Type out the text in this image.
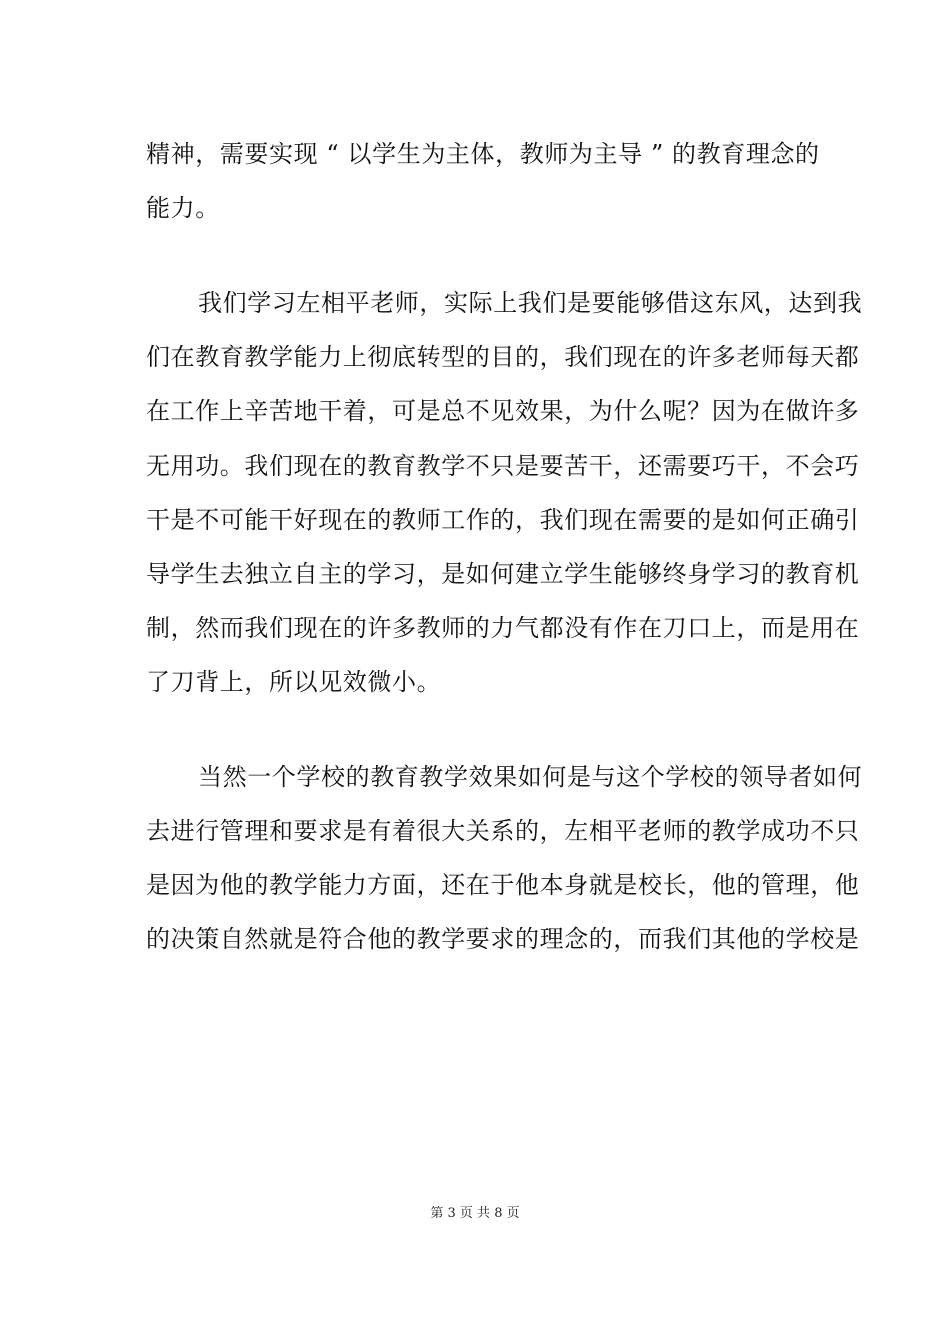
精神，需要实现 “ 以学生为主体，教师为主导 ” 的教育理念的
能力。
我们学习左相平老师，实际上我们是要能够借这东风，达到我
们在教育教学能力上彻底转型的目的，我们现在的许多老师每天都
在工作上辛苦地干着，可是总不见效果，为什么呢？因为在做许多
无用功。我们现在的教育教学不只是要苦干，还需要巧干，不会巧
干是不可能干好现在的教师工作的，我们现在需要的是如何正确引
导学生去独立自主的学习，是如何建立学生能够终身学习的教育机
制，然而我们现在的许多教师的力气都没有作在刀口上，而是用在
了刀背上，所以见效微小。
当然一个学校的教育教学效果如何是与这个学校的领导者如何
去进行管理和要求是有着很大关系的，左相平老师的教学成功不只
是因为他的教学能力方面，还在于他本身就是校长，他的管理，他
的决策自然就是符合他的教学要求的理念的，而我们其他的学校是
第 3 页 共 8 页
